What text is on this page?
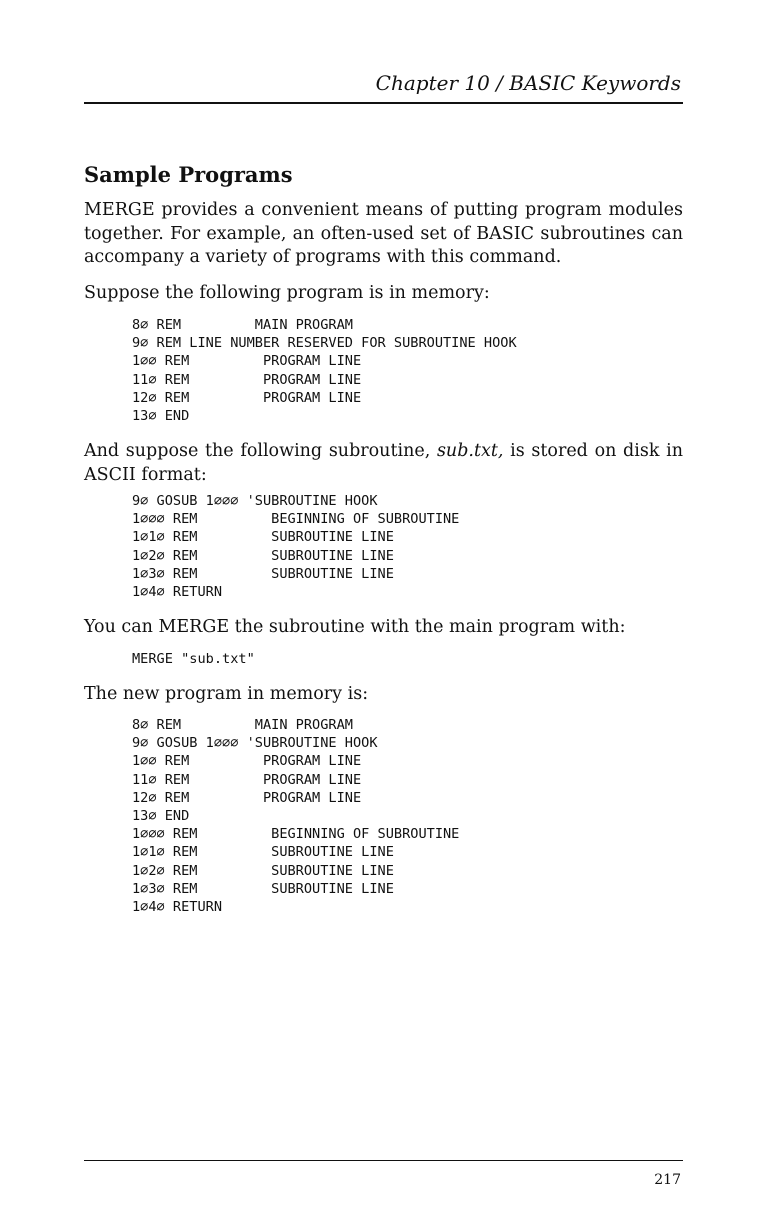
Chapter 10 / BASIC Keywords
Sample Programs

MERGE provides a convenient means of putting program modules together. For example, an often-used set of BASIC subroutines can accompany a variety of programs with this command.

Suppose the following program is in memory:

8∅ REM         MAIN PROGRAM
9∅ REM LINE NUMBER RESERVED FOR SUBROUTINE HOOK
1∅∅ REM         PROGRAM LINE
11∅ REM         PROGRAM LINE
12∅ REM         PROGRAM LINE
13∅ END

And suppose the following subroutine, sub.txt, is stored on disk in ASCII format:

9∅ GOSUB 1∅∅∅ 'SUBROUTINE HOOK
1∅∅∅ REM         BEGINNING OF SUBROUTINE
1∅1∅ REM         SUBROUTINE LINE
1∅2∅ REM         SUBROUTINE LINE
1∅3∅ REM         SUBROUTINE LINE
1∅4∅ RETURN

You can MERGE the subroutine with the main program with:

MERGE "sub.txt"

The new program in memory is:

8∅ REM         MAIN PROGRAM
9∅ GOSUB 1∅∅∅ 'SUBROUTINE HOOK
1∅∅ REM         PROGRAM LINE
11∅ REM         PROGRAM LINE
12∅ REM         PROGRAM LINE
13∅ END
1∅∅∅ REM         BEGINNING OF SUBROUTINE
1∅1∅ REM         SUBROUTINE LINE
1∅2∅ REM         SUBROUTINE LINE
1∅3∅ REM         SUBROUTINE LINE
1∅4∅ RETURN
217
